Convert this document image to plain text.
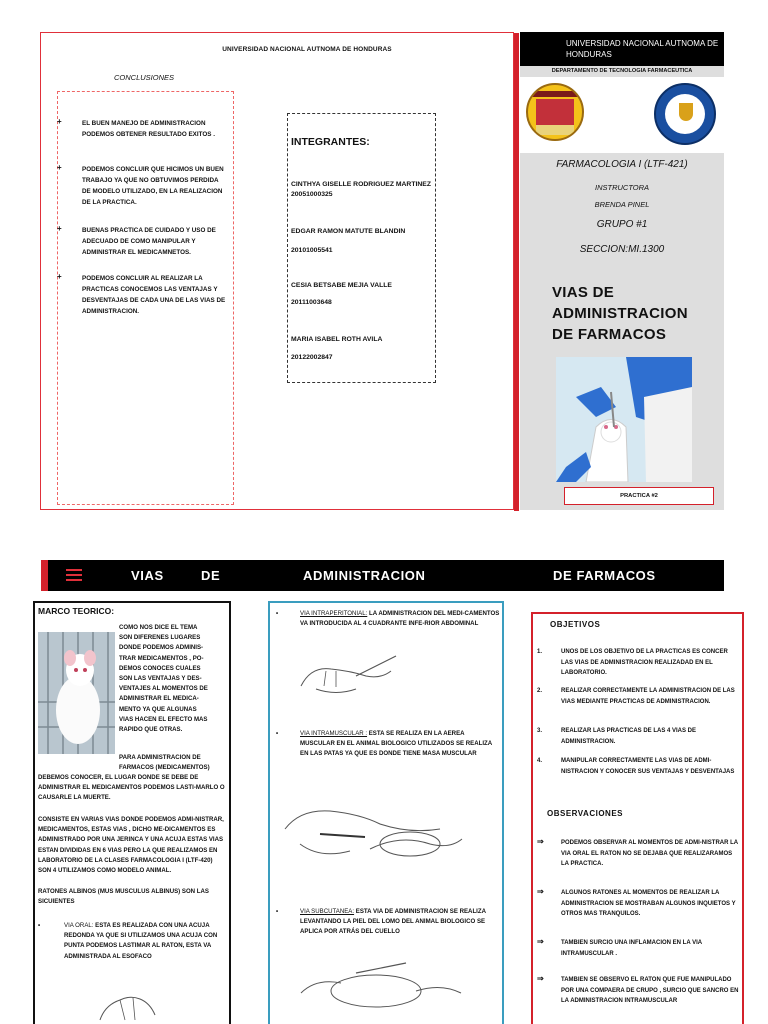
UNIVERSIDAD NACIONAL AUTNOMA DE HONDURAS
CONCLUSIONES
+	EL BUEN MANEJO DE ADMINISTRACION PODEMOS OBTENER RESULTADO EXITOS .
+	PODEMOS CONCLUIR QUE HICIMOS UN BUEN TRABAJO YA QUE NO OBTUVIMOS PERDIDA DE MODELO UTILIZADO, EN LA REALIZACION DE LA PRACTICA.
+	BUENAS PRACTICA DE CUIDADO Y USO DE ADECUADO DE COMO MANIPULAR Y ADMINISTRAR EL MEDICAMNETOS.
+	PODEMOS CONCLUIR AL REALIZAR LA PRACTICAS CONOCEMOS LAS VENTAJAS Y DESVENTAJAS DE CADA UNA DE LAS VIAS DE ADMINISTRACION.
INTEGRANTES:
CINTHYA GISELLE RODRIGUEZ MARTINEZ 20051000325
EDGAR RAMON MATUTE BLANDIN
20101005541
CESIA BETSABE MEJIA VALLE
20111003648
MARIA ISABEL ROTH AVILA
20122002847
UNIVERSIDAD NACIONAL AUTNOMA DE HONDURAS
DEPARTAMENTO DE TECNOLOGIA FARMACEUTICA
FARMACOLOGIA I (LTF-421)
INSTRUCTORA
BRENDA PINEL
GRUPO #1
SECCION:MI.1300
VIAS DE
ADMINISTRACION
DE FARMACOS
PRACTICA #2
VIAS	DE	ADMINISTRACION	DE FARMACOS
MARCO TEORICO:
COMO NOS DICE EL TEMA
SON DIFERENES LUGARES
DONDE PODEMOS ADMINIS-
TRAR MEDICAMENTOS , PO-
DEMOS CONOCES CUALES
SON LAS VENTAJAS Y DES-
VENTAJES AL MOMENTOS DE
ADMINISTRAR EL MEDICA-
MENTO YA QUE ALGUNAS
VIAS HACEN EL EFECTO MAS
RAPIDO QUE OTRAS.
PARA ADMINISTRACION DE
FARMACOS (MEDICAMENTOS)
DEBEMOS CONOCER, EL LUGAR DONDE SE DEBE DE ADMINISTRAR EL MEDICAMENTOS PODEMOS LASTI-MARLO O CAUSARLE LA MUERTE.
CONSISTE EN VARIAS VIAS DONDE PODEMOS ADMI-NISTRAR, MEDICAMENTOS, ESTAS VIAS , DICHO ME-DICAMENTOS ES ADMINISTRADO POR UNA JERINCA Y UNA ACUJA ESTAS VIAS ESTAN DIVIDIDAS EN 6 VIAS PERO LA QUE REALIZAMOS EN LABORATORIO DE LA CLASES FARMACOLOGIA I (LTF-420) SON 4 UTILIZAMOS COMO MODELO ANIMAL.
RATONES ALBINOS (MUS MUSCULUS ALBINUS) SON LAS SICUIENTES
•	VIA ORAL: ESTA ES REALIZADA CON UNA ACUJA REDONDA YA QUE SI UTILIZAMOS UNA ACUJA CON PUNTA PODEMOS LASTIMAR AL RATON, ESTA VA ADMINISTRADA AL ESOFACO
•	VIA INTRAPERITONIAL: LA ADMINISTRACION DEL MEDI-CAMENTOS VA INTRODUCIDA AL 4 CUADRANTE INFE-RIOR ABDOMINAL
•	VIA INTRAMUSCULAR : ESTA SE REALIZA EN LA AEREA MUSCULAR EN EL ANIMAL BIOLOGICO UTILIZADOS SE REALIZA EN LAS PATAS YA QUE ES DONDE TIENE MASA MUSCULAR
•	VIA SUBCUTANEA: ESTA VIA DE ADMINISTRACION SE REALIZA LEVANTANDO LA PIEL DEL LOMO DEL ANIMAL BIOLOGICO SE APLICA POR ATRÁS DEL CUELLO
OBJETIVOS
1.	UNOS DE LOS OBJETIVO DE LA PRACTICAS ES CONCER LAS VIAS DE ADMINISTRACION REALIZADAD EN EL LABORATORIO.
2.	REALIZAR CORRECTAMENTE LA ADMINISTRACION DE LAS VIAS MEDIANTE PRACTICAS DE ADMINISTRACION.
3.	REALIZAR LAS PRACTICAS DE LAS 4 VIAS DE ADMINISTRACION.
4.	MANIPULAR CORRECTAMENTE LAS VIAS DE ADMI-NISTRACION Y CONOCER SUS VENTAJAS Y DESVENTAJAS
OBSERVACIONES
⇒	PODEMOS OBSERVAR AL MOMENTOS DE ADMI-NISTRAR LA VIA ORAL EL RATON NO SE DEJABA QUE REALIZARAMOS LA PRACTICA.
⇒	ALGUNOS RATONES AL MOMENTOS DE REALIZAR LA ADMINISTRACION SE MOSTRABAN ALGUNOS INQUIETOS Y OTROS MAS TRANQUILOS.
⇒	TAMBIEN SURCIO UNA INFLAMACION EN LA VIA INTRAMUSCULAR .
⇒	TAMBIEN SE OBSERVO EL RATON QUE FUE MANIPULADO POR UNA COMPAERA DE CRUPO , SURCIO QUE SANCRO EN LA ADMINISTRACION INTRAMUSCULAR
